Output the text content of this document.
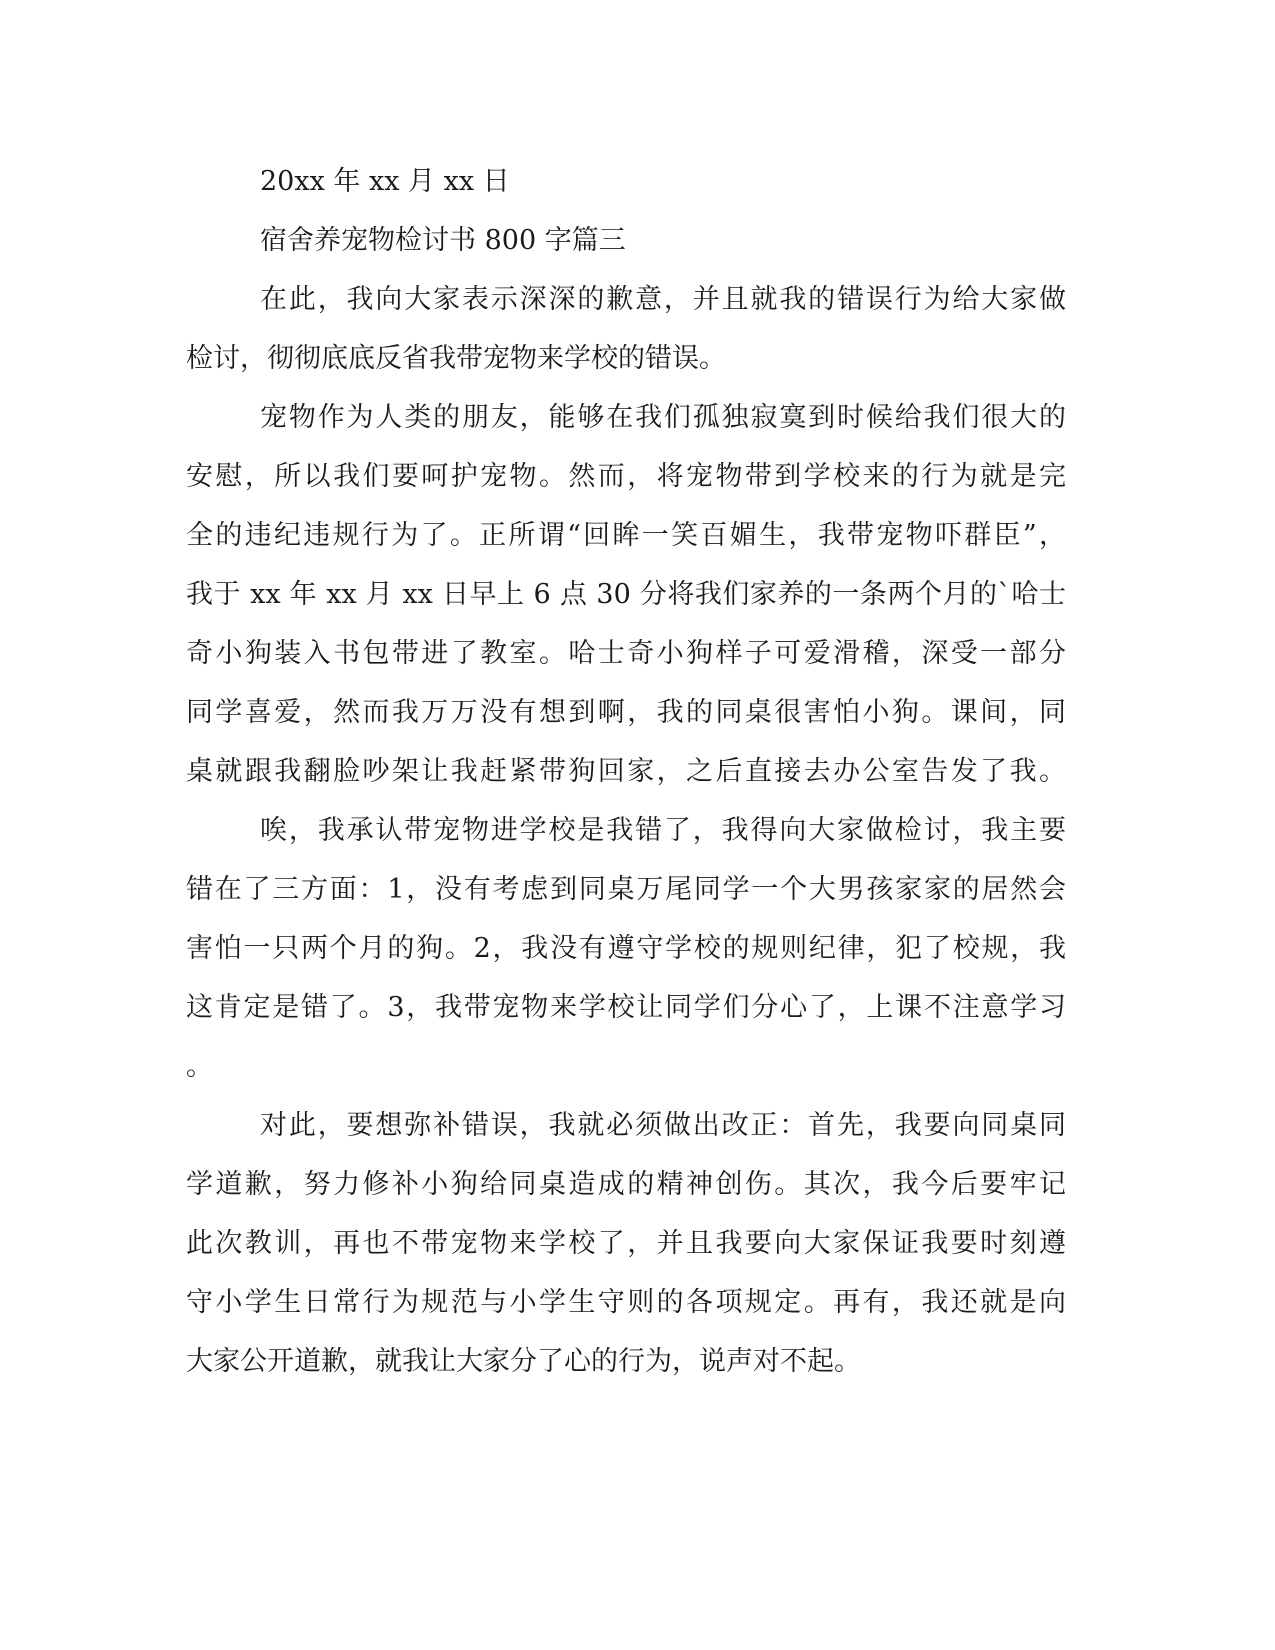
20xx 年 xx 月 xx 日
宿舍养宠物检讨书 800 字篇三
在此，我向大家表示深深的歉意，并且就我的错误行为给大家做
检讨，彻彻底底反省我带宠物来学校的错误。
宠物作为人类的朋友，能够在我们孤独寂寞到时候给我们很大的
安慰，所以我们要呵护宠物。然而，将宠物带到学校来的行为就是完
全的违纪违规行为了。正所谓“回眸一笑百媚生，我带宠物吓群臣”，
我于 xx 年 xx 月 xx 日早上 6 点 30 分将我们家养的一条两个月的`哈士
奇小狗装入书包带进了教室。哈士奇小狗样子可爱滑稽，深受一部分
同学喜爱，然而我万万没有想到啊，我的同桌很害怕小狗。课间，同
桌就跟我翻脸吵架让我赶紧带狗回家，之后直接去办公室告发了我。
唉，我承认带宠物进学校是我错了，我得向大家做检讨，我主要
错在了三方面：1，没有考虑到同桌万尾同学一个大男孩家家的居然会
害怕一只两个月的狗。2，我没有遵守学校的规则纪律，犯了校规，我
这肯定是错了。3，我带宠物来学校让同学们分心了，上课不注意学习
。
对此，要想弥补错误，我就必须做出改正：首先，我要向同桌同
学道歉，努力修补小狗给同桌造成的精神创伤。其次，我今后要牢记
此次教训，再也不带宠物来学校了，并且我要向大家保证我要时刻遵
守小学生日常行为规范与小学生守则的各项规定。再有，我还就是向
大家公开道歉，就我让大家分了心的行为，说声对不起。
